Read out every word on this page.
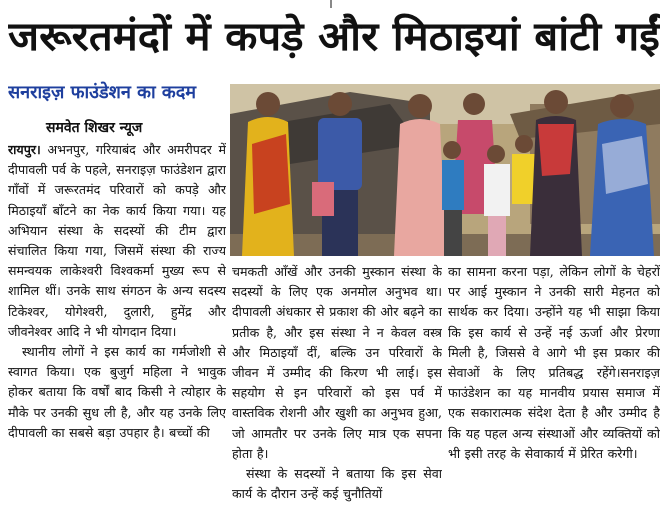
जरूरतमंदों में कपड़े और मिठाइयां बांटी गईं
सनराइज़ फाउंडेशन का कदम
समवेत शिखर न्यूज

रायपुर। अभनपुर, गरियाबंद और अमरीपदर में दीपावली पर्व के पहले, सनराइज़ फाउंडेशन द्वारा गाँवों में जरूरतमंद परिवारों को कपड़े और मिठाइयाँ बाँटने का नेक कार्य किया गया। यह अभियान संस्था के सदस्यों की टीम द्वारा संचालित किया गया, जिसमें संस्था की राज्य समन्वयक लाकेश्वरी विश्वकर्मा मुख्य रूप से शामिल थीं। उनके साथ संगठन के अन्य सदस्य टिकेश्वर, योगेश्वरी, दुलारी, हुमेंद्र और जीवनेश्वर आदि ने भी योगदान दिया।

स्थानीय लोगों ने इस कार्य का गर्मजोशी से स्वागत किया। एक बुजुर्ग महिला ने भावुक होकर बताया कि वर्षों बाद किसी ने त्योहार के मौके पर उनकी सुध ली है, और यह उनके लिए दीपावली का सबसे बड़ा उपहार है। बच्चों की

चमकती आँखें और उनकी मुस्कान संस्था के सदस्यों के लिए एक अनमोल अनुभव था।दीपावली अंधकार से प्रकाश की ओर बढ़ने का प्रतीक है, और इस संस्था ने न केवल वस्त्र और मिठाइयाँ दीं, बल्कि उन परिवारों के जीवन में उम्मीद की किरण भी लाई। इस सहयोग से इन परिवारों को इस पर्व में वास्तविक रोशनी और खुशी का अनुभव हुआ, जो आमतौर पर उनके लिए मात्र एक सपना होता है।

संस्था के सदस्यों ने बताया कि इस सेवा कार्य के दौरान उन्हें कई चुनौतियों

का सामना करना पड़ा, लेकिन लोगों के चेहरों पर आई मुस्कान ने उनकी सारी मेहनत को सार्थक कर दिया। उन्होंने यह भी साझा किया कि इस कार्य से उन्हें नई ऊर्जा और प्रेरणा मिली है, जिससे वे आगे भी इस प्रकार की सेवाओं के लिए प्रतिबद्ध रहेंगे।सनराइज़ फाउंडेशन का यह मानवीय प्रयास समाज में एक सकारात्मक संदेश देता है और उम्मीद है कि यह पहल अन्य संस्थाओं और व्यक्तियों को भी इसी तरह के सेवाकार्य में प्रेरित करेगी।
